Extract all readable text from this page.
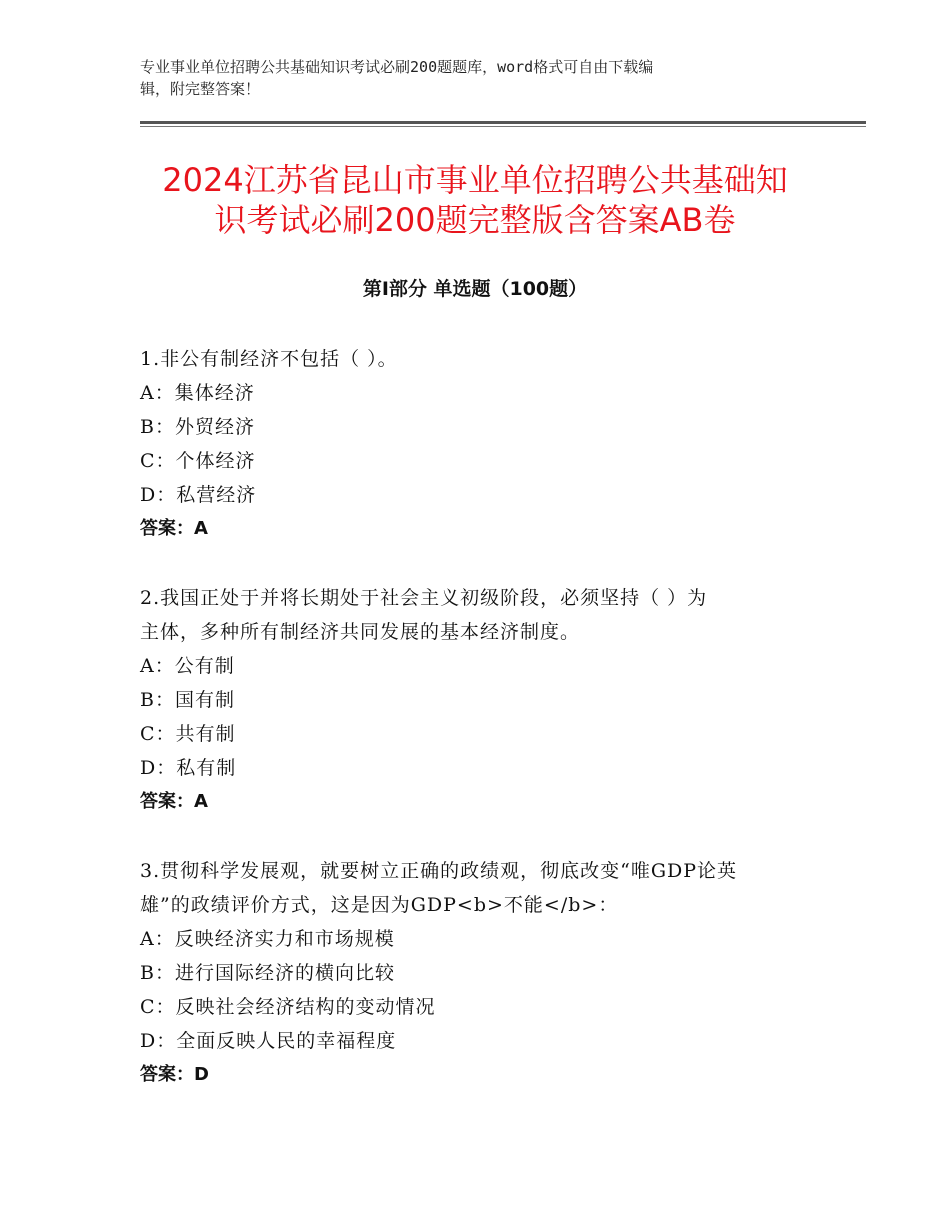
专业事业单位招聘公共基础知识考试必刷200题题库，word格式可自由下载编
辑，附完整答案！
2024江苏省昆山市事业单位招聘公共基础知
识考试必刷200题完整版含答案AB卷
第Ⅰ部分 单选题（100题）

1.非公有制经济不包括（ ）。

A：集体经济

B：外贸经济

C：个体经济

D：私营经济

答案：A

2.我国正处于并将长期处于社会主义初级阶段，必须坚持（ ）为

主体，多种所有制经济共同发展的基本经济制度。

A：公有制

B：国有制

C：共有制

D：私有制

答案：A

3.贯彻科学发展观，就要树立正确的政绩观，彻底改变“唯GDP论英

雄”的政绩评价方式，这是因为GDP<b>不能</b>：

A：反映经济实力和市场规模

B：进行国际经济的横向比较

C：反映社会经济结构的变动情况

D：全面反映人民的幸福程度

答案：D
